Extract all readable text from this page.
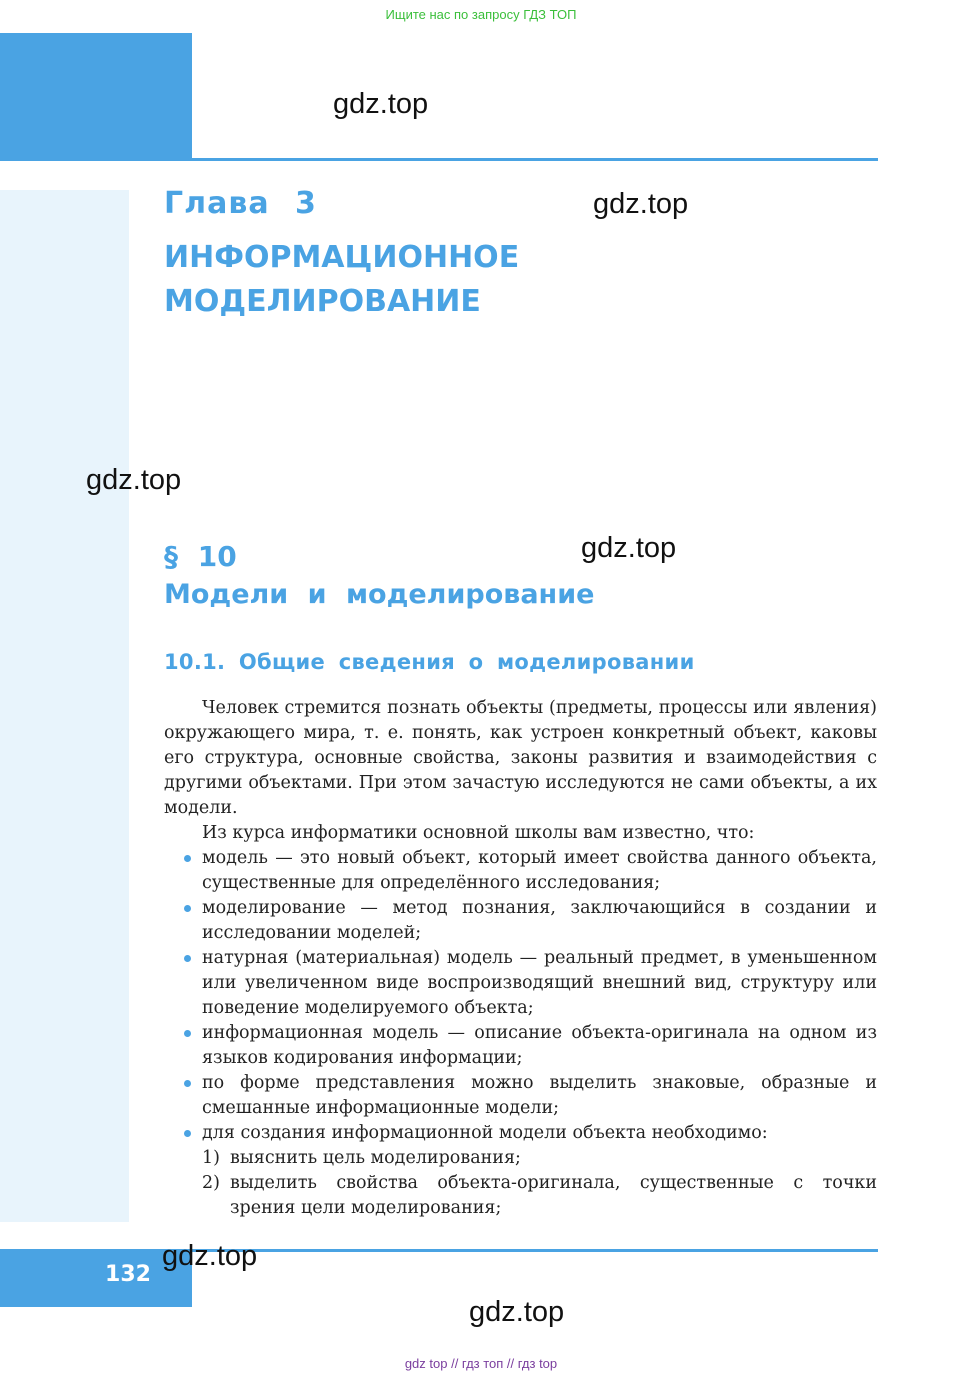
Ищите нас по запросу ГДЗ ТОП
gdz.top
gdz.top
gdz.top
gdz.top
Глава 3
ИНФОРМАЦИОННОЕ
МОДЕЛИРОВАНИЕ
§ 10
Модели и моделирование
10.1. Общие сведения о моделировании

Человек стремится познать объекты (предметы, процессы или явления) окружающего мира, т. е. понять, как устроен конкретный объект, каковы его структура, основные свойства, законы развития и взаимодействия с другими объектами. При этом зачастую исследуются не сами объекты, а их модели.

Из курса информатики основной школы вам известно, что:

модель — это новый объект, который имеет свойства данного объекта, существенные для определённого исследования;
моделирование — метод познания, заключающийся в создании и исследовании моделей;
натурная (материальная) модель — реальный предмет, в уменьшенном или увеличенном виде воспроизводящий внешний вид, структуру или поведение моделируемого объекта;
информационная модель — описание объекта-оригинала на одном из языков кодирования информации;
по форме представления можно выделить знаковые, образные и смешанные информационные модели;
для создания информационной модели объекта необходимо:
1) выяснить цель моделирования;
2) выделить свойства объекта-оригинала, существенные с точки зрения цели моделирования;
132
gdz.top
gdz.top
gdz top // гдз топ // гдз top
